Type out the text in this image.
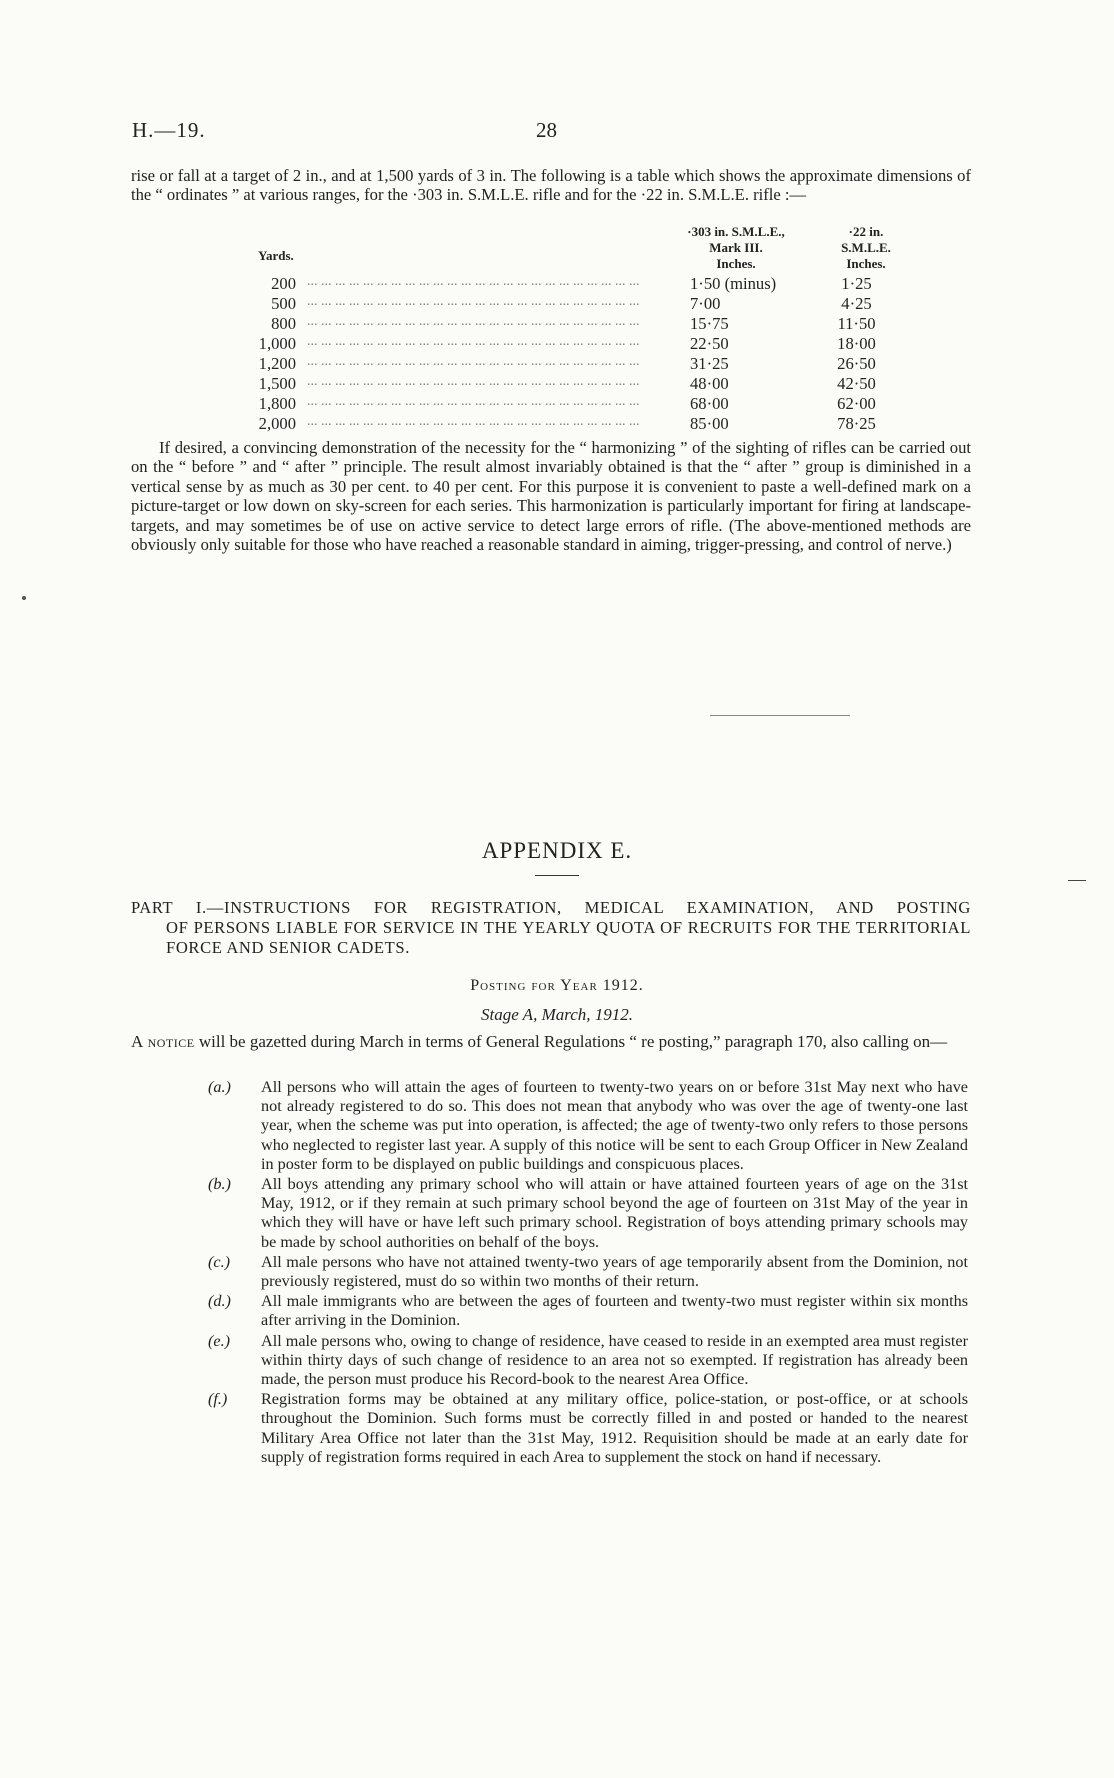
H.—19.	28
rise or fall at a target of 2 in., and at 1,500 yards of 3 in. The following is a table which shows the approximate dimensions of the “ ordinates ” at various ranges, for the ·303 in. S.M.L.E. rifle and for the ·22 in. S.M.L.E. rifle :—
Yards.
·303 in. S.M.L.E.,
Mark III.
Inches.
·22 in.
S.M.L.E.
Inches.
200 ... ... ... ... ... ... ... ... ... ... ... ... ... ... ... ... ... ... ... ... ... ... ... ...	1·50 (minus)	1·25
500 ... ... ... ... ... ... ... ... ... ... ... ... ... ... ... ... ... ... ... ... ... ... ... ...	7·00	4·25
800 ... ... ... ... ... ... ... ... ... ... ... ... ... ... ... ... ... ... ... ... ... ... ... ...	15·75	11·50
1,000 ... ... ... ... ... ... ... ... ... ... ... ... ... ... ... ... ... ... ... ... ... ... ... ...	22·50	18·00
1,200 ... ... ... ... ... ... ... ... ... ... ... ... ... ... ... ... ... ... ... ... ... ... ... ...	31·25	26·50
1,500 ... ... ... ... ... ... ... ... ... ... ... ... ... ... ... ... ... ... ... ... ... ... ... ...	48·00	42·50
1,800 ... ... ... ... ... ... ... ... ... ... ... ... ... ... ... ... ... ... ... ... ... ... ... ...	68·00	62·00
2,000 ... ... ... ... ... ... ... ... ... ... ... ... ... ... ... ... ... ... ... ... ... ... ... ...	85·00	78·25
If desired, a convincing demonstration of the necessity for the “ harmonizing ” of the sighting of rifles can be carried out on the “ before ” and “ after ” principle. The result almost invariably obtained is that the “ after ” group is diminished in a vertical sense by as much as 30 per cent. to 40 per cent. For this purpose it is convenient to paste a well-defined mark on a picture-target or low down on sky-screen for each series. This harmonization is particularly important for firing at landscape-targets, and may sometimes be of use on active service to detect large errors of rifle. (The above-mentioned methods are obviously only suitable for those who have reached a reasonable standard in aiming, trigger-pressing, and control of nerve.)
APPENDIX E.
PART I.—INSTRUCTIONS FOR REGISTRATION, MEDICAL EXAMINATION, AND POSTING
OF PERSONS LIABLE FOR SERVICE IN THE YEARLY QUOTA OF RECRUITS FOR THE TERRITORIAL FORCE AND SENIOR CADETS.
Posting for Year 1912.
Stage A, March, 1912.
A notice will be gazetted during March in terms of General Regulations “ re posting,” paragraph 170, also calling on—
(a.) All persons who will attain the ages of fourteen to twenty-two years on or before 31st May next who have not already registered to do so. This does not mean that anybody who was over the age of twenty-one last year, when the scheme was put into operation, is affected; the age of twenty-two only refers to those persons who neglected to register last year. A supply of this notice will be sent to each Group Officer in New Zealand in poster form to be displayed on public buildings and conspicuous places.
(b.) All boys attending any primary school who will attain or have attained fourteen years of age on the 31st May, 1912, or if they remain at such primary school beyond the age of fourteen on 31st May of the year in which they will have or have left such primary school. Registration of boys attending primary schools may be made by school authorities on behalf of the boys.
(c.) All male persons who have not attained twenty-two years of age temporarily absent from the Dominion, not previously registered, must do so within two months of their return.
(d.) All male immigrants who are between the ages of fourteen and twenty-two must register within six months after arriving in the Dominion.
(e.) All male persons who, owing to change of residence, have ceased to reside in an exempted area must register within thirty days of such change of residence to an area not so exempted. If registration has already been made, the person must produce his Record-book to the nearest Area Office.
(f.) Registration forms may be obtained at any military office, police-station, or post-office, or at schools throughout the Dominion. Such forms must be correctly filled in and posted or handed to the nearest Military Area Office not later than the 31st May, 1912. Requisition should be made at an early date for supply of registration forms required in each Area to supplement the stock on hand if necessary.
